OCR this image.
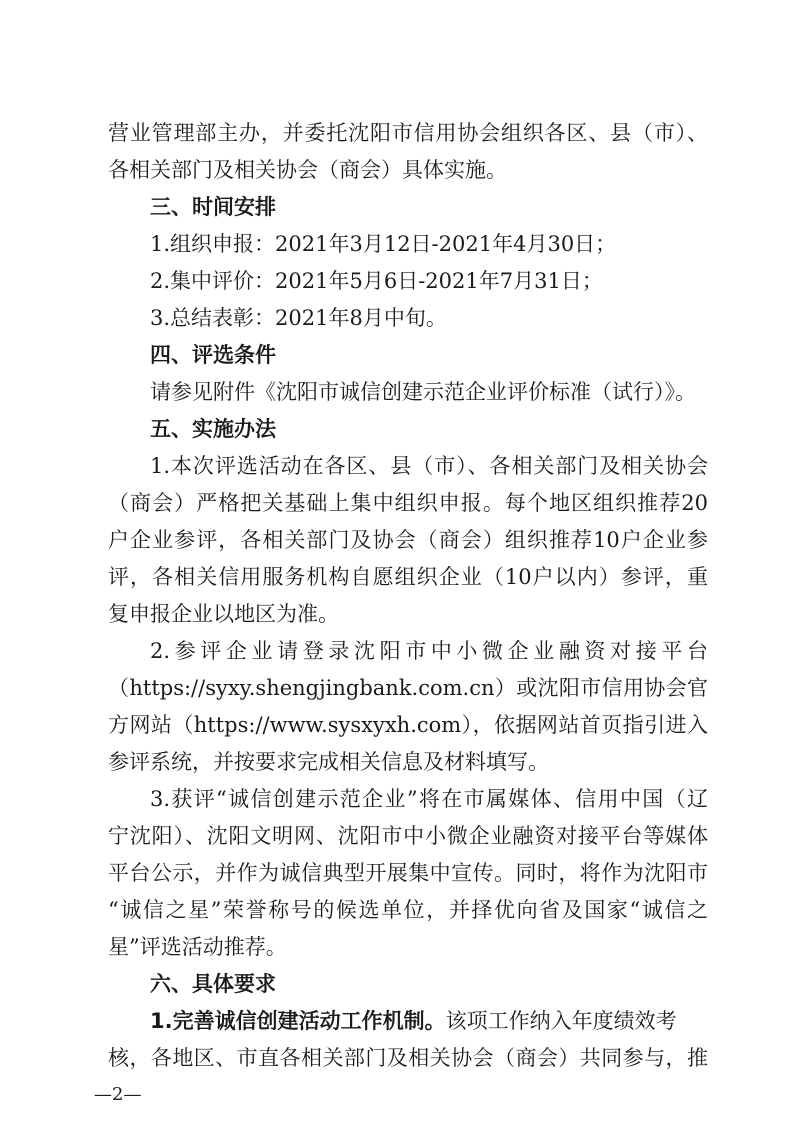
营业管理部主办，并委托沈阳市信用协会组织各区、县（市）、
各相关部门及相关协会（商会）具体实施。
三、时间安排
1.组织申报：2021年3月12日-2021年4月30日；
2.集中评价：2021年5月6日-2021年7月31日；
3.总结表彰：2021年8月中旬。
四、评选条件
请参见附件《沈阳市诚信创建示范企业评价标准（试行）》。
五、实施办法
1.本次评选活动在各区、县（市）、各相关部门及相关协会
（商会）严格把关基础上集中组织申报。每个地区组织推荐20
户企业参评，各相关部门及协会（商会）组织推荐10户企业参
评，各相关信用服务机构自愿组织企业（10户以内）参评，重
复申报企业以地区为准。
2.参评企业请登录沈阳市中小微企业融资对接平台
（https://syxy.shengjingbank.com.cn）或沈阳市信用协会官
方网站（https://www.sysxyxh.com），依据网站首页指引进入
参评系统，并按要求完成相关信息及材料填写。
3.获评“诚信创建示范企业”将在市属媒体、信用中国（辽
宁沈阳）、沈阳文明网、沈阳市中小微企业融资对接平台等媒体
平台公示，并作为诚信典型开展集中宣传。同时，将作为沈阳市
“诚信之星”荣誉称号的候选单位，并择优向省及国家“诚信之
星”评选活动推荐。
六、具体要求
1.完善诚信创建活动工作机制。该项工作纳入年度绩效考
核，各地区、市直各相关部门及相关协会（商会）共同参与，推
—2—
